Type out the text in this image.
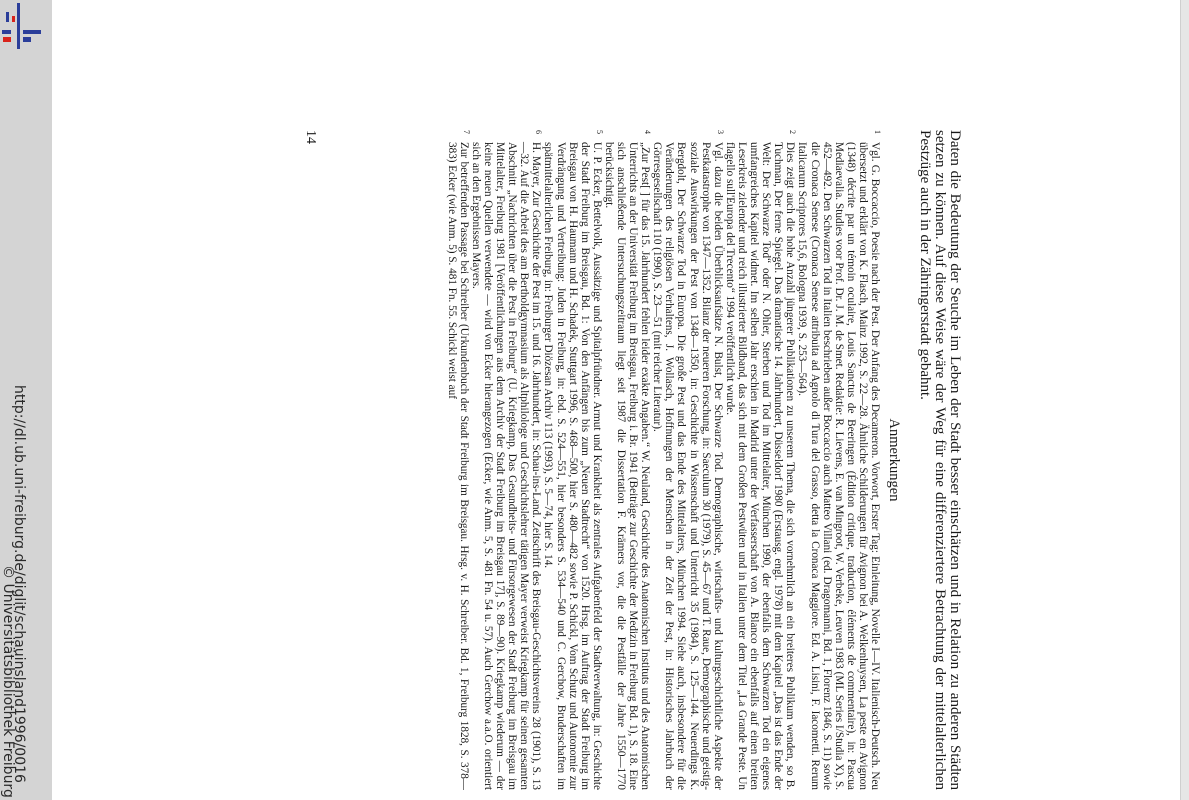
http://dl.ub.uni-freiburg.de/diglit/schauinsland1996/0016
© Universitätsbibliothek Freiburg	Daten die Bedeutung der Seuche im Leben der Stadt besser einschätzen und in Relation zu anderen Städten setzen zu können. Auf diese Weise wäre der Weg für eine differenziertere Betrachtung der mittelalterlichen Pestzüge auch in der Zähringerstadt gebahnt.

Anmerkungen

1
Vgl. G. Boccaccio, Poesie nach der Pest. Der Anfang des Decameron. Vorwort, Erster Tag: Einleitung, Novelle I—IV. Italienisch-Deutsch. Neu übersetzt und erklärt von K. Flasch, Mainz 1992, S. 22—28. Ähnliche Schilderungen für Avignon bei A. Welkenhuysen, La peste en Avignon (1348) décrite par un témoin oculaire, Louis Sanctus de Beeringen (Édition critique, traduction, éléments de commentaire), in: Pascua Mediaevalia. Studies voor Prof. Dr. J. M. de Smet. Redaktie: R. Lievens, E. van Mingroot, W. Verbeke, Leuven 1983 (ML Series I/Studia X), S. 452—492. Den Schwarzen Tod in Italien beschrieben außer Boccaccio auch Matteo Villani (ed. Dragomanni, Bd. 1, Florenz 1846, S. 11) sowie die Cronaca Senese (Cronaca Senese attribuita ad Agnolo di Tura del Grasso, detta la Cronaca Maggiore. Ed. A. Lisini, F. Iacometti. Rerum Italicarum Scriptores 15,6, Bologna 1939, S. 253—564).

2
Dies zeigt auch die hohe Anzahl jüngerer Publikationen zu unserem Thema, die sich vornehmlich an ein breiteres Publikum wenden, so B. Tuchman, Der ferne Spiegel. Das dramatische 14. Jahrhundert, Düsseldorf 1980 (Erstausg. engl. 1978) mit dem Kapitel „Das ist das Ende der Welt: Der Schwarze Tod“ oder N. Ohler, Sterben und Tod im Mittelalter, München 1990, der ebenfalls dem Schwarzen Tod ein eigenes umfangreiches Kapitel widmet. Im selben Jahr erschien in Madrid unter der Verfasserschaft von A. Blanco ein ebenfalls auf einen breiten Leserkreis zielender und reich illustrierter Bildband, das sich mit dem Großen Pestwüten und in Italien unter dem Titel „La Grande Peste. Un flagello sull'Europa del Trecento“ 1994 veröffentlicht wurde.

3
Vgl. dazu die beiden Überblicksaufsätze N. Bulst, Der Schwarze Tod. Demographische, wirtschafts- und kulturgeschichtliche Aspekte der Pestkatastrophe von 1347—1352. Bilanz der neueren Forschung, in: Saeculum 30 (1979), S. 45—67 und T. Raue, Demographische und geistig-soziale Auswirkungen der Pest von 1348—1350, in: Geschichte in Wissenschaft und Unterricht 35 (1984), S. 125—144. Neuerdings K. Bergdolt, Der Schwarze Tod in Europa. Die große Pest und das Ende des Mittelalters, München 1994. Siehe auch, insbesondere für die Veränderungen des religiösen Verhaltens, J. Wollasch, Hoffnungen der Menschen in der Zeit der Pest, in: Historisches Jahrbuch der Görresgesellschaft 110 (1990), S. 23—51 (mit reicher Literatur).

4
„Zur Pest[ ] für das 15. Jahrhundert fehlen leider exakte Angaben.“ W. Neuland, Geschichte des Anatomischen Instituts und des Anatomischen Unterrichts an der Universität Freiburg im Breisgau, Freiburg i. Br. 1941 (Beiträge zur Geschichte der Medizin in Freiburg Bd. 1), S. 18. Eine sich anschließende Untersuchungszeitraum liegt seit 1987 die Dissertation F. Krämers vor, die die Pestfälle der Jahre 1550—1770 berücksichtigt.

5
U. P. Ecker, Bettelvolk, Aussätzige und Spitalpfründner. Armut und Krankheit als zentrales Aufgabenfeld der Stadtverwaltung, in: Geschichte der Stadt Freiburg im Breisgau, Bd. 1: Von den Anfängen bis zum „Neuen Stadtrecht“ von 1520. Hrsg. im Auftrag der Stadt Freiburg im Breisgau von H. Haumann und H. Schadek, Stuttgart 1996, S. 468—500, hier S. 480—482 sowie P. Schickl, Vom Schutz und Autonomie zur Verdrängung und Vertreibung: Juden in Freiburg, in: ebd. S. 524—551, hier besonders S. 534—540 und C. Gerchow, Bruderschaften im spätmittelalterlichen Freiburg, in: Freiburger Diözesan Archiv 113 (1993), S. 5—74, hier S. 14.

6
H. Mayer, Zur Geschichte der Pest im 15. und 16. Jahrhundert, in: Schau-ins-Land. Zeitschrift des Breisgau-Geschichtsvereins 28 (1901), S. 13—32. Auf die Arbeit des am Bertholdgymnasium als Altphilologe und Geschichtslehrer tätigen Mayer verweist Kriegkamp für seinen gesamten Abschnitt „Nachrichten über die Pest in Freiburg“ (U. Kriegkamp, Das Gesundheits- und Fürsorgewesen der Stadt Freiburg im Breisgau im Mittelalter, Freiburg 1981 [Veröffentlichungen aus dem Archiv der Stadt Freiburg im Breisgau 17], S. 89—90). Kriegkamp wiederum — der keine neuen Quellen verwendete — wird von Ecker hierangezogen (Ecker, wie Anm. 5, S. 481 Fn. 54 u. 57). Auch Gerchow a.a.O. orientiert sich an den Ergebnissen Mayers.

7
Zur betreffenden Passage bei Schreiber (Urkundenbuch der Stadt Freiburg im Breisgau. Hrsg. v. H. Schreiber. Bd. 1, Freiburg 1828, S. 378—383) Ecker (wie Anm. 5) S. 481 Fn. 55. Schickl weist auf

14
